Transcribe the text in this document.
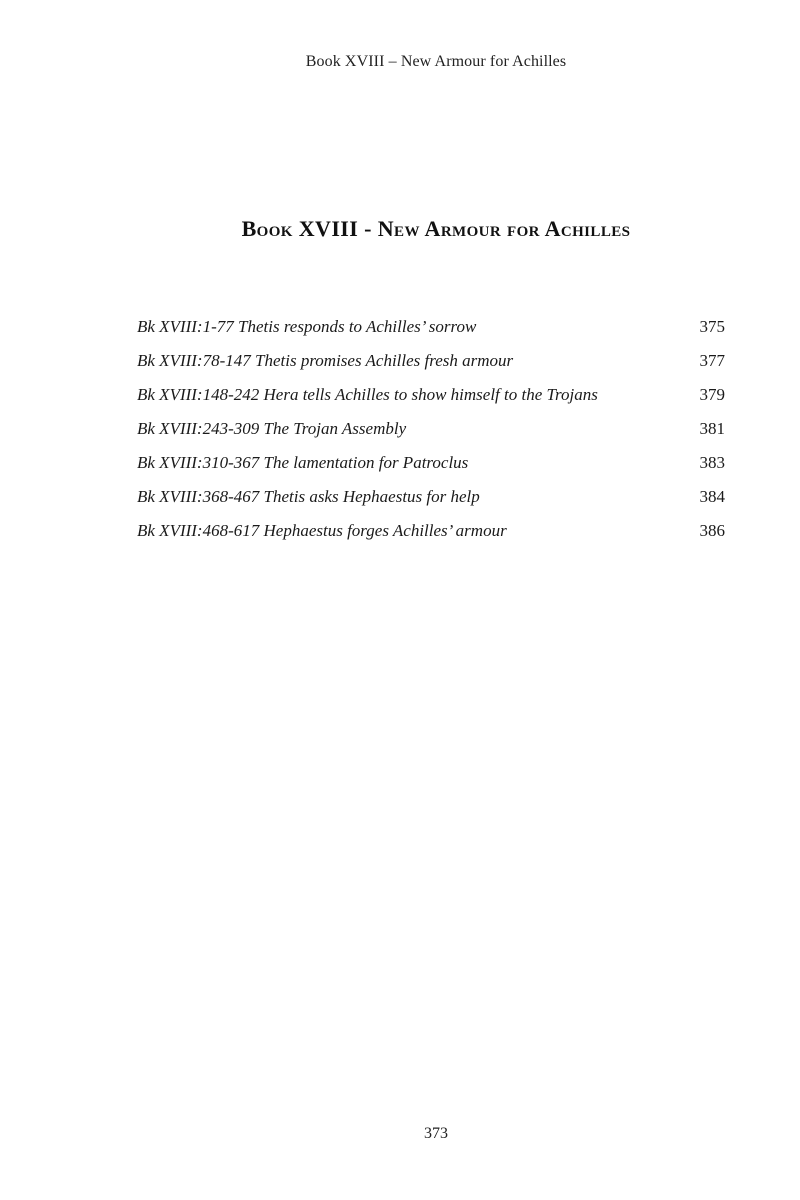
Book XVIII – New Armour for Achilles
Book XVIII - New Armour for Achilles
Bk XVIII:1-77 Thetis responds to Achilles’ sorrow	375
Bk XVIII:78-147 Thetis promises Achilles fresh armour	377
Bk XVIII:148-242 Hera tells Achilles to show himself to the Trojans	379
Bk XVIII:243-309 The Trojan Assembly	381
Bk XVIII:310-367 The lamentation for Patroclus	383
Bk XVIII:368-467 Thetis asks Hephaestus for help	384
Bk XVIII:468-617 Hephaestus forges Achilles’ armour	386
373
